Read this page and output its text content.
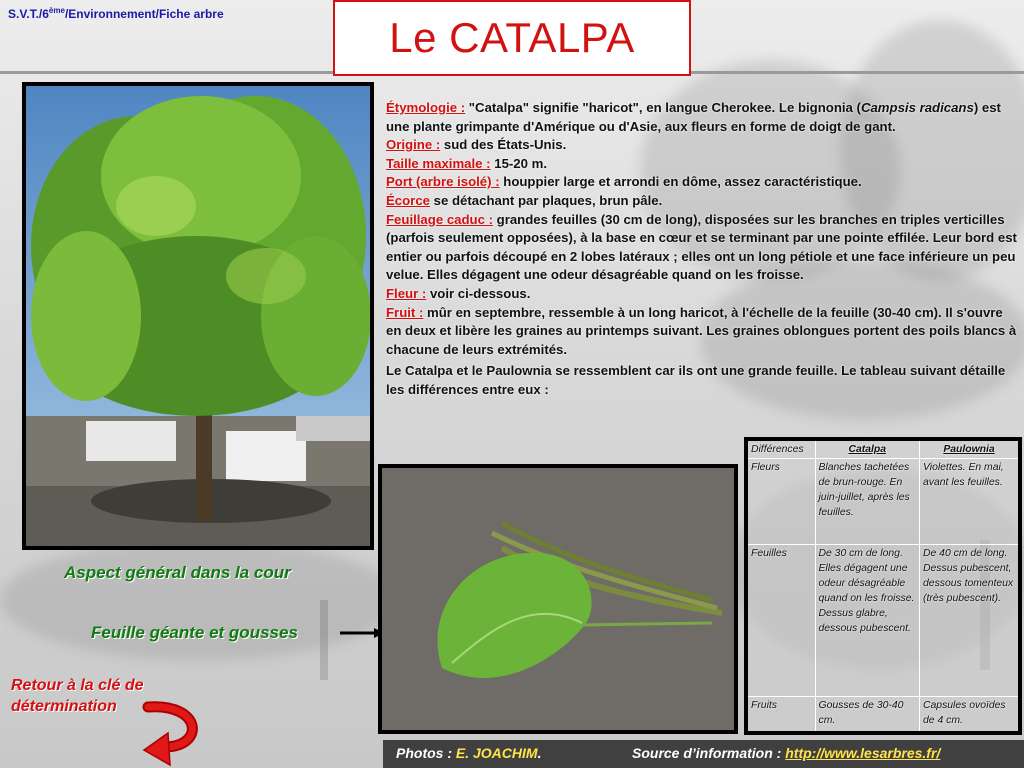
S.V.T./6ème/Environnement/Fiche arbre	Le CATALPA
Aspect général dans la cour
Feuille géante et gousses

Étymologie : "Catalpa" signifie "haricot", en langue Cherokee. Le bignonia (Campsis radicans) est une plante grimpante d'Amérique ou d'Asie, aux fleurs en forme de doigt de gant.

Origine : sud des États-Unis.

Taille maximale : 15-20 m.

Port (arbre isolé) : houppier large et arrondi en dôme, assez caractéristique.

Écorce se détachant par plaques, brun pâle.

Feuillage caduc : grandes feuilles (30 cm de long), disposées sur les branches en triples verticilles (parfois seulement opposées), à la base en cœur et se terminant par une pointe effilée. Leur bord est entier ou parfois découpé en 2 lobes latéraux ; elles ont un long pétiole et une face inférieure un peu velue. Elles dégagent une odeur désagréable quand on les froisse.

Fleur : voir ci-dessous.

Fruit : mûr en septembre, ressemble à un long haricot, à l'échelle de la feuille (30-40 cm). Il s'ouvre en deux et libère les graines au printemps suivant. Les graines oblongues portent des poils blancs à chacune de leurs extrémités.

Le Catalpa et le Paulownia se ressemblent car ils ont une grande feuille. Le tableau suivant détaille les différences entre eux :

Différences	Catalpa	Paulownia
Fleurs	Blanches tachetées de brun-rouge. En juin-juillet, après les feuilles.	Violettes. En mai, avant les feuilles.
Feuilles	De 30 cm de long. Elles dégagent une odeur désagréable quand on les froisse. Dessus glabre, dessous pubescent.	De 40 cm de long. Dessus pubescent, dessous tomenteux (très pubescent).
Fruits	Gousses de 30-40 cm.	Capsules ovoïdes de 4 cm.
Retour à la clé de
détermination
Photos : E. JOACHIM.	Source d’information : http://www.lesarbres.fr/
